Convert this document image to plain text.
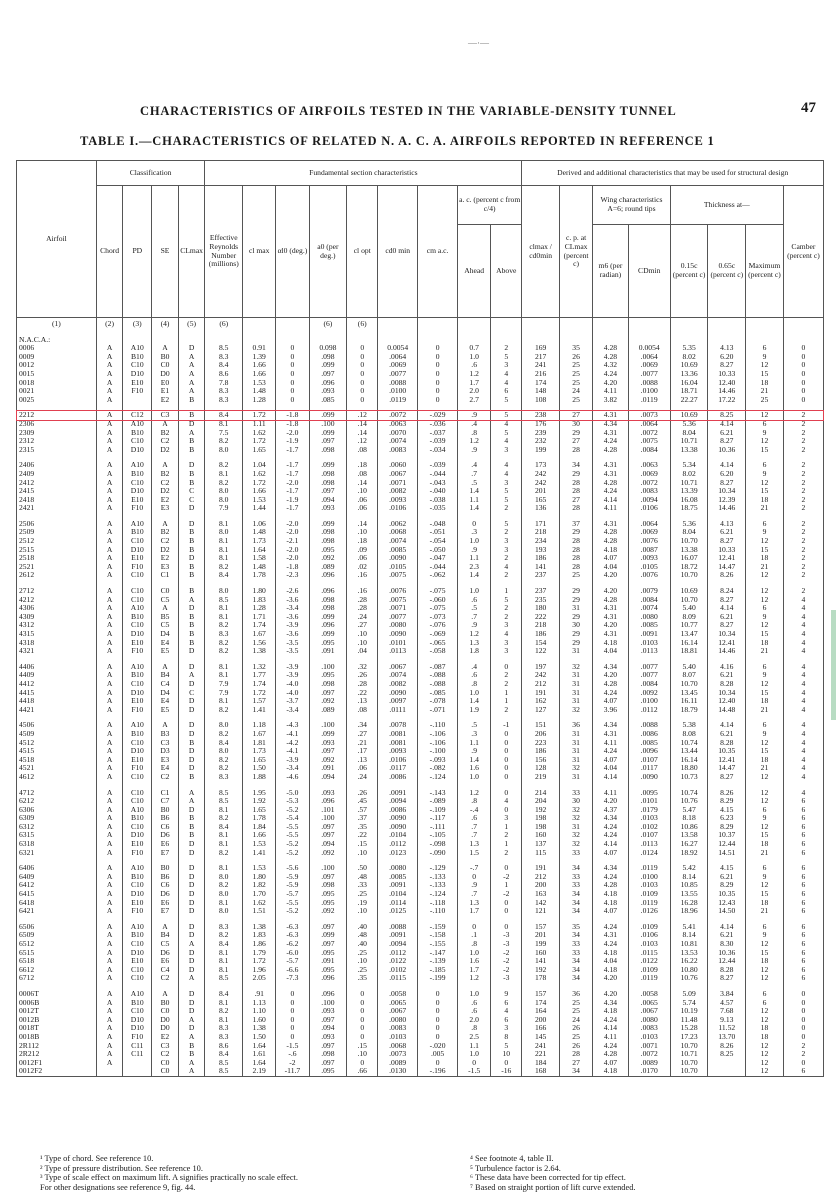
—·—
CHARACTERISTICS OF AIRFOILS TESTED IN THE VARIABLE-DENSITY TUNNEL	47
TABLE I.—CHARACTERISTICS OF RELATED N. A. C. A. AIRFOILS REPORTED IN REFERENCE 1
Airfoil	Classification				Fundamental section characteristics									Derived and additional characteristics that may be used for structural design							
	Chord	PD	SE	CLmax	Effective Reynolds Number (millions)	cl max	αl0 (deg.)	a0 (per deg.)	cl opt	cd0 min	cm a.c.	a. c. (percent c from c/4)		clmax / cd0min	c. p. at CLmax (percent c)	Wing characteristics A=6; round tips		Thickness at—			Camber (percent c)
												Ahead	Above			m6 (per radian)	CDmin	0.15c (percent c)	0.65c (percent c)	Maximum (percent c)	
(1)	(2)	(3)	(4)	(5)	(6)			(6)	(6)												

N.A.C.A.:																					
0006	A	A10	A	D	8.5	0.91	0	0.098	0	0.0054	0	0.7	2	169	35	4.28	0.0054	5.35	4.13	6	0
0009	A	B10	B0	A	8.3	1.39	0	.098	0	.0064	0	1.0	5	217	26	4.28	.0064	8.02	6.20	9	0
0012	A	C10	C0	A	8.4	1.66	0	.099	0	.0069	0	.6	3	241	25	4.32	.0069	10.69	8.27	12	0
0015	A	D10	D0	A	8.6	1.66	0	.097	0	.0077	0	1.2	4	216	25	4.24	.0077	13.36	10.33	15	0
0018	A	E10	E0	A	7.8	1.53	0	.096	0	.0088	0	1.7	4	174	25	4.20	.0088	16.04	12.40	18	0
0021	A	F10	E1	A	8.3	1.48	0	.093	0	.0100	0	2.0	6	148	24	4.11	.0100	18.71	14.46	21	0
0025	A		E2	B	8.3	1.28	0	.085	0	.0119	0	2.7	5	108	25	3.82	.0119	22.27	17.22	25	0

2212	A	C12	C3	B	8.4	1.72	-1.8	.099	.12	.0072	-.029	.9	5	238	27	4.31	.0073	10.69	8.25	12	2
2306	A	A10	A	D	8.1	1.11	-1.8	.100	.14	.0063	-.036	.4	4	176	30	4.34	.0064	5.36	4.14	6	2
2309	A	B10	B2	A	7.5	1.62	-2.0	.099	.14	.0070	-.037	.8	5	239	29	4.31	.0072	8.04	6.21	9	2
2312	A	C10	C2	B	8.2	1.72	-1.9	.097	.12	.0074	-.039	1.2	4	232	27	4.24	.0075	10.71	8.27	12	2
2315	A	D10	D2	B	8.0	1.65	-1.7	.098	.08	.0083	-.034	.9	3	199	28	4.28	.0084	13.38	10.36	15	2

2406	A	A10	A	D	8.2	1.04	-1.7	.099	.18	.0060	-.039	.4	4	173	34	4.31	.0063	5.34	4.14	6	2
2409	A	B10	B2	B	8.1	1.62	-1.7	.098	.08	.0067	-.044	.7	4	242	29	4.31	.0069	8.02	6.20	9	2
2412	A	C10	C2	B	8.2	1.72	-2.0	.098	.14	.0071	-.043	.5	3	242	28	4.28	.0072	10.71	8.27	12	2
2415	A	D10	D2	C	8.0	1.66	-1.7	.097	.10	.0082	-.040	1.4	5	201	28	4.24	.0083	13.39	10.34	15	2
2418	A	E10	E2	C	8.0	1.53	-1.9	.094	.06	.0093	-.038	1.1	5	165	27	4.14	.0094	16.08	12.39	18	2
2421	A	F10	E3	D	7.9	1.44	-1.7	.093	.06	.0106	-.035	1.4	2	136	28	4.11	.0106	18.75	14.46	21	2

2506	A	A10	A	D	8.1	1.06	-2.0	.099	.14	.0062	-.048	0	5	171	37	4.31	.0064	5.36	4.13	6	2
2509	A	B10	B2	B	8.0	1.48	-2.0	.098	.10	.0068	-.051	.3	2	218	29	4.28	.0069	8.04	6.21	9	2
2512	A	C10	C2	B	8.1	1.73	-2.1	.098	.18	.0074	-.054	1.0	3	234	28	4.28	.0076	10.70	8.27	12	2
2515	A	D10	D2	B	8.1	1.64	-2.0	.095	.09	.0085	-.050	.9	3	193	28	4.18	.0087	13.38	10.33	15	2
2518	A	E10	E2	D	8.1	1.58	-2.0	.092	.06	.0090	-.047	1.1	2	186	28	4.07	.0093	16.07	12.41	18	2
2521	A	F10	E3	B	8.2	1.48	-1.8	.089	.02	.0105	-.044	2.3	4	141	28	4.04	.0105	18.72	14.47	21	2
2612	A	C10	C1	B	8.4	1.78	-2.3	.096	.16	.0075	-.062	1.4	2	237	25	4.20	.0076	10.70	8.26	12	2

2712	A	C10	C0	B	8.0	1.80	-2.6	.096	.16	.0076	-.075	1.0	1	237	29	4.20	.0079	10.69	8.24	12	2
4212	A	C10	C5	A	8.5	1.83	-3.6	.098	.28	.0075	-.060	.6	5	235	29	4.28	.0084	10.70	8.27	12	4
4306	A	A10	A	D	8.1	1.28	-3.4	.098	.28	.0071	-.075	.5	2	180	31	4.31	.0074	5.40	4.14	6	4
4309	A	B10	B5	B	8.1	1.71	-3.6	.099	.24	.0077	-.073	.7	2	222	29	4.31	.0080	8.09	6.21	9	4
4312	A	C10	C5	B	8.2	1.74	-3.9	.096	.27	.0080	-.076	.9	3	218	30	4.20	.0085	10.77	8.27	12	4
4315	A	D10	D4	B	8.3	1.67	-3.6	.099	.10	.0090	-.069	1.2	4	186	29	4.31	.0091	13.47	10.34	15	4
4318	A	E10	E4	B	8.2	1.56	-3.5	.095	.10	.0101	-.065	1.3	3	154	29	4.18	.0103	16.14	12.41	18	4
4321	A	F10	E5	D	8.2	1.38	-3.5	.091	.04	.0113	-.058	1.8	3	122	31	4.04	.0113	18.81	14.46	21	4

4406	A	A10	A	D	8.1	1.32	-3.9	.100	.32	.0067	-.087	.4	0	197	32	4.34	.0077	5.40	4.16	6	4
4409	A	B10	B4	A	8.1	1.77	-3.9	.095	.26	.0074	-.088	.6	2	242	31	4.20	.0077	8.07	6.21	9	4
4412	A	C10	C4	D	7.9	1.74	-4.0	.098	.28	.0082	-.088	.8	2	212	31	4.28	.0084	10.70	8.28	12	4
4415	A	D10	D4	C	7.9	1.72	-4.0	.097	.22	.0090	-.085	1.0	1	191	31	4.24	.0092	13.45	10.34	15	4
4418	A	E10	E4	D	8.1	1.57	-3.7	.092	.13	.0097	-.078	1.4	1	162	31	4.07	.0100	16.11	12.40	18	4
4421	A	F10	E5	D	8.2	1.41	-3.4	.089	.08	.0111	-.071	1.9	2	127	32	3.96	.0112	18.79	14.48	21	4

4506	A	A10	A	D	8.0	1.18	-4.3	.100	.34	.0078	-.110	.5	-1	151	36	4.34	.0088	5.38	4.14	6	4
4509	A	B10	B3	D	8.2	1.67	-4.1	.099	.27	.0081	-.106	.3	0	206	31	4.31	.0086	8.08	6.21	9	4
4512	A	C10	C3	B	8.4	1.81	-4.2	.093	.21	.0081	-.106	1.1	0	223	31	4.11	.0085	10.74	8.28	12	4
4515	A	D10	D3	D	8.0	1.73	-4.1	.097	.17	.0093	-.100	.9	0	186	31	4.24	.0096	13.44	10.35	15	4
4518	A	E10	E3	D	8.2	1.65	-3.9	.092	.13	.0106	-.093	1.4	0	156	31	4.07	.0107	16.14	12.41	18	4
4521	A	F10	E4	D	8.2	1.50	-3.4	.091	.06	.0117	-.082	1.6	0	128	32	4.04	.0117	18.80	14.47	21	4
4612	A	C10	C2	B	8.3	1.88	-4.6	.094	.24	.0086	-.124	1.0	0	219	31	4.14	.0090	10.73	8.27	12	4

4712	A	C10	C1	A	8.5	1.95	-5.0	.093	.26	.0091	-.143	1.2	0	214	33	4.11	.0095	10.74	8.26	12	4
6212	A	C10	C7	A	8.5	1.92	-5.3	.096	.45	.0094	-.089	.8	4	204	30	4.20	.0101	10.76	8.29	12	6
6306	A	A10	B0	D	8.1	1.65	-5.2	.101	.57	.0086	-.109	-.4	0	192	32	4.37	.0179	5.47	4.15	6	6
6309	A	B10	B6	B	8.2	1.78	-5.4	.100	.37	.0090	-.117	.6	3	198	32	4.34	.0103	8.18	6.23	9	6
6312	A	C10	C6	B	8.4	1.84	-5.5	.097	.35	.0090	-.111	.7	1	198	31	4.24	.0102	10.86	8.29	12	6
6315	A	D10	D6	B	8.1	1.66	-5.5	.097	.22	.0104	-.105	.7	2	160	32	4.24	.0107	13.58	10.37	15	6
6318	A	E10	E6	D	8.1	1.53	-5.2	.094	.15	.0112	-.098	1.3	1	137	32	4.14	.0113	16.27	12.44	18	6
6321	A	F10	E7	D	8.2	1.41	-5.2	.092	.10	.0123	-.090	1.5	2	115	33	4.07	.0124	18.92	14.51	21	6

6406	A	A10	B0	D	8.1	1.53	-5.6	.100	.50	.0080	-.129	-.7	0	191	34	4.34	.0119	5.42	4.15	6	6
6409	A	B10	B6	D	8.0	1.80	-5.9	.097	.48	.0085	-.133	0	-2	212	33	4.24	.0100	8.14	6.21	9	6
6412	A	C10	C6	D	8.2	1.82	-5.9	.098	.33	.0091	-.133	.9	1	200	33	4.28	.0103	10.85	8.29	12	6
6415	A	D10	D6	D	8.0	1.70	-5.7	.095	.25	.0104	-.124	.7	-2	163	34	4.18	.0109	13.55	10.35	15	6
6418	A	E10	E6	D	8.1	1.62	-5.5	.095	.19	.0114	-.118	1.3	0	142	34	4.18	.0119	16.28	12.43	18	6
6421	A	F10	E7	D	8.0	1.51	-5.2	.092	.10	.0125	-.110	1.7	0	121	34	4.07	.0126	18.96	14.50	21	6

6506	A	A10	A	D	8.3	1.38	-6.3	.097	.40	.0088	-.159	0	0	157	35	4.24	.0109	5.41	4.14	6	6
6509	A	B10	B4	D	8.2	1.83	-6.3	.099	.48	.0091	-.158	.1	-3	201	34	4.31	.0106	8.14	6.21	9	6
6512	A	C10	C5	A	8.4	1.86	-6.2	.097	.40	.0094	-.155	.8	-3	199	33	4.24	.0103	10.81	8.30	12	6
6515	A	D10	D6	D	8.1	1.79	-6.0	.095	.25	.0112	-.147	1.0	-2	160	33	4.18	.0115	13.53	10.36	15	6
6518	A	E10	E6	D	8.1	1.72	-5.7	.091	.10	.0122	-.139	1.6	-2	141	34	4.04	.0122	16.22	12.44	18	6
6612	A	C10	C4	D	8.1	1.96	-6.6	.095	.25	.0102	-.185	1.7	-2	192	34	4.18	.0109	10.80	8.28	12	6
6712	A	C10	C2	A	8.5	2.05	-7.3	.096	.35	.0115	-.199	1.2	-3	178	34	4.20	.0119	10.76	8.27	12	6

0006T	A	A10	A	D	8.4	.91	0	.096	0	.0058	0	1.0	9	157	36	4.20	.0058	5.09	3.84	6	0
0006B	A	B10	B0	D	8.1	1.13	0	.100	0	.0065	0	.6	6	174	25	4.34	.0065	5.74	4.57	6	0
0012T	A	C10	C0	D	8.2	1.10	0	.093	0	.0067	0	.6	4	164	25	4.18	.0067	10.19	7.68	12	0
0012B	A	D10	D0	A	8.1	1.60	0	.097	0	.0080	0	2.0	6	200	24	4.24	.0080	11.48	9.13	12	0
0018T	A	D10	D0	D	8.3	1.38	0	.094	0	.0083	0	.8	3	166	26	4.14	.0083	15.28	11.52	18	0
0018B	A	F10	E2	A	8.3	1.50	0	.093	0	.0103	0	2.5	8	145	25	4.11	.0103	17.23	13.70	18	0
2R112	A	C11	C3	B	8.6	1.64	-1.5	.097	.15	.0068	-.020	1.1	5	241	26	4.24	.0071	10.70	8.26	12	2
2R212	A	C11	C2	B	8.4	1.61	-.6	.098	.10	.0073	.005	1.0	10	221	28	4.28	.0072	10.71	8.25	12	2
0012F1	A		C0	A	8.5	1.64	-2	.097	0	.0089	0	0	0	184	27	4.07	.0089	10.70		12	0
0012F2			C0	A	8.5	2.19	-11.7	.095	.66	.0130	-.196	-1.5	-16	168	34	4.18	.0170	10.70		12	6
¹ Type of chord. See reference 10.
² Type of pressure distribution. See reference 10.
³ Type of scale effect on maximum lift. A signifies practically no scale effect.
For other designations see reference 9, fig. 44.
⁴ See footnote 4, table II.
⁵ Turbulence factor is 2.64.
⁶ These data have been corrected for tip effect.
⁷ Based on straight portion of lift curve extended.
